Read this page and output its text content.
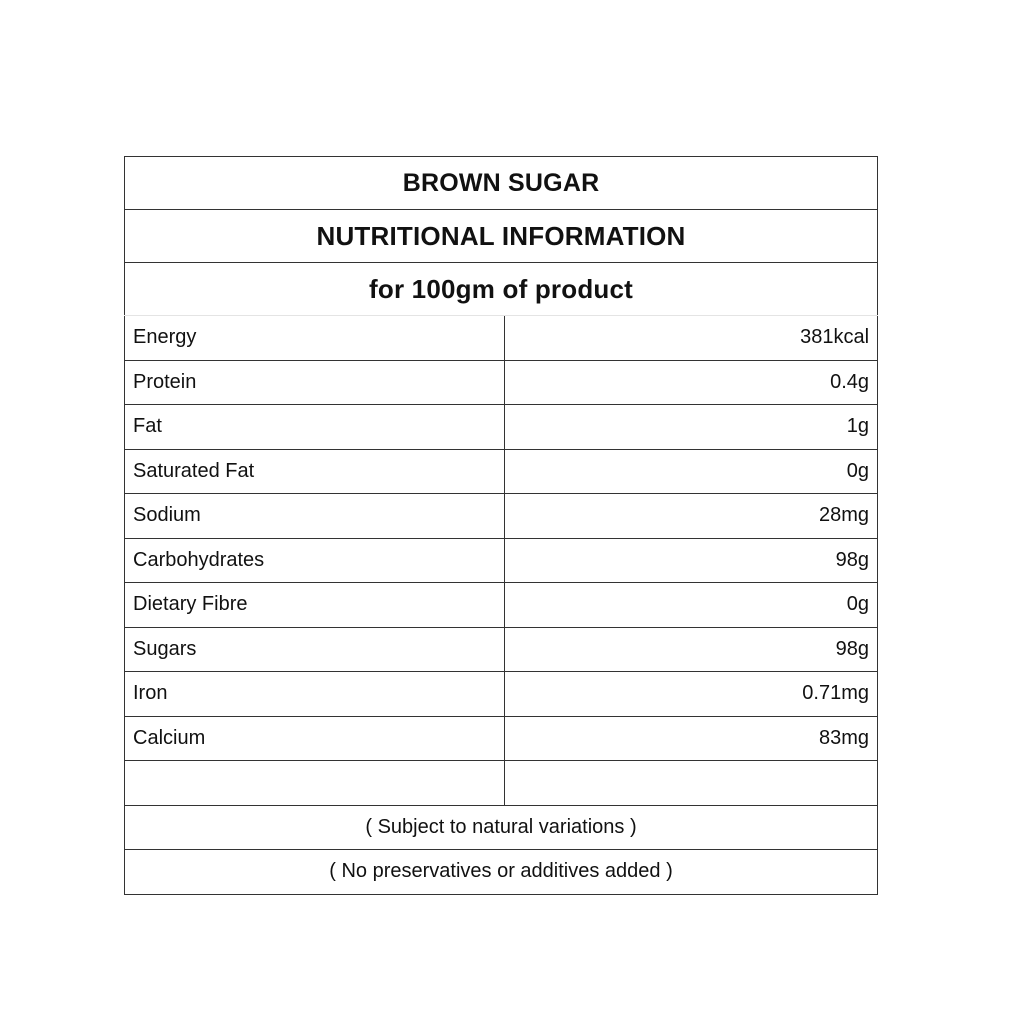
BROWN SUGAR	
NUTRITIONAL INFORMATION	
for 100gm of product	
Energy	381kcal
Protein	0.4g
Fat	1g
Saturated Fat	0g
Sodium	28mg
Carbohydrates	98g
Dietary Fibre	0g
Sugars	98g
Iron	0.71mg
Calcium	83mg

( Subject to natural variations )	
( No preservatives or additives added )	
